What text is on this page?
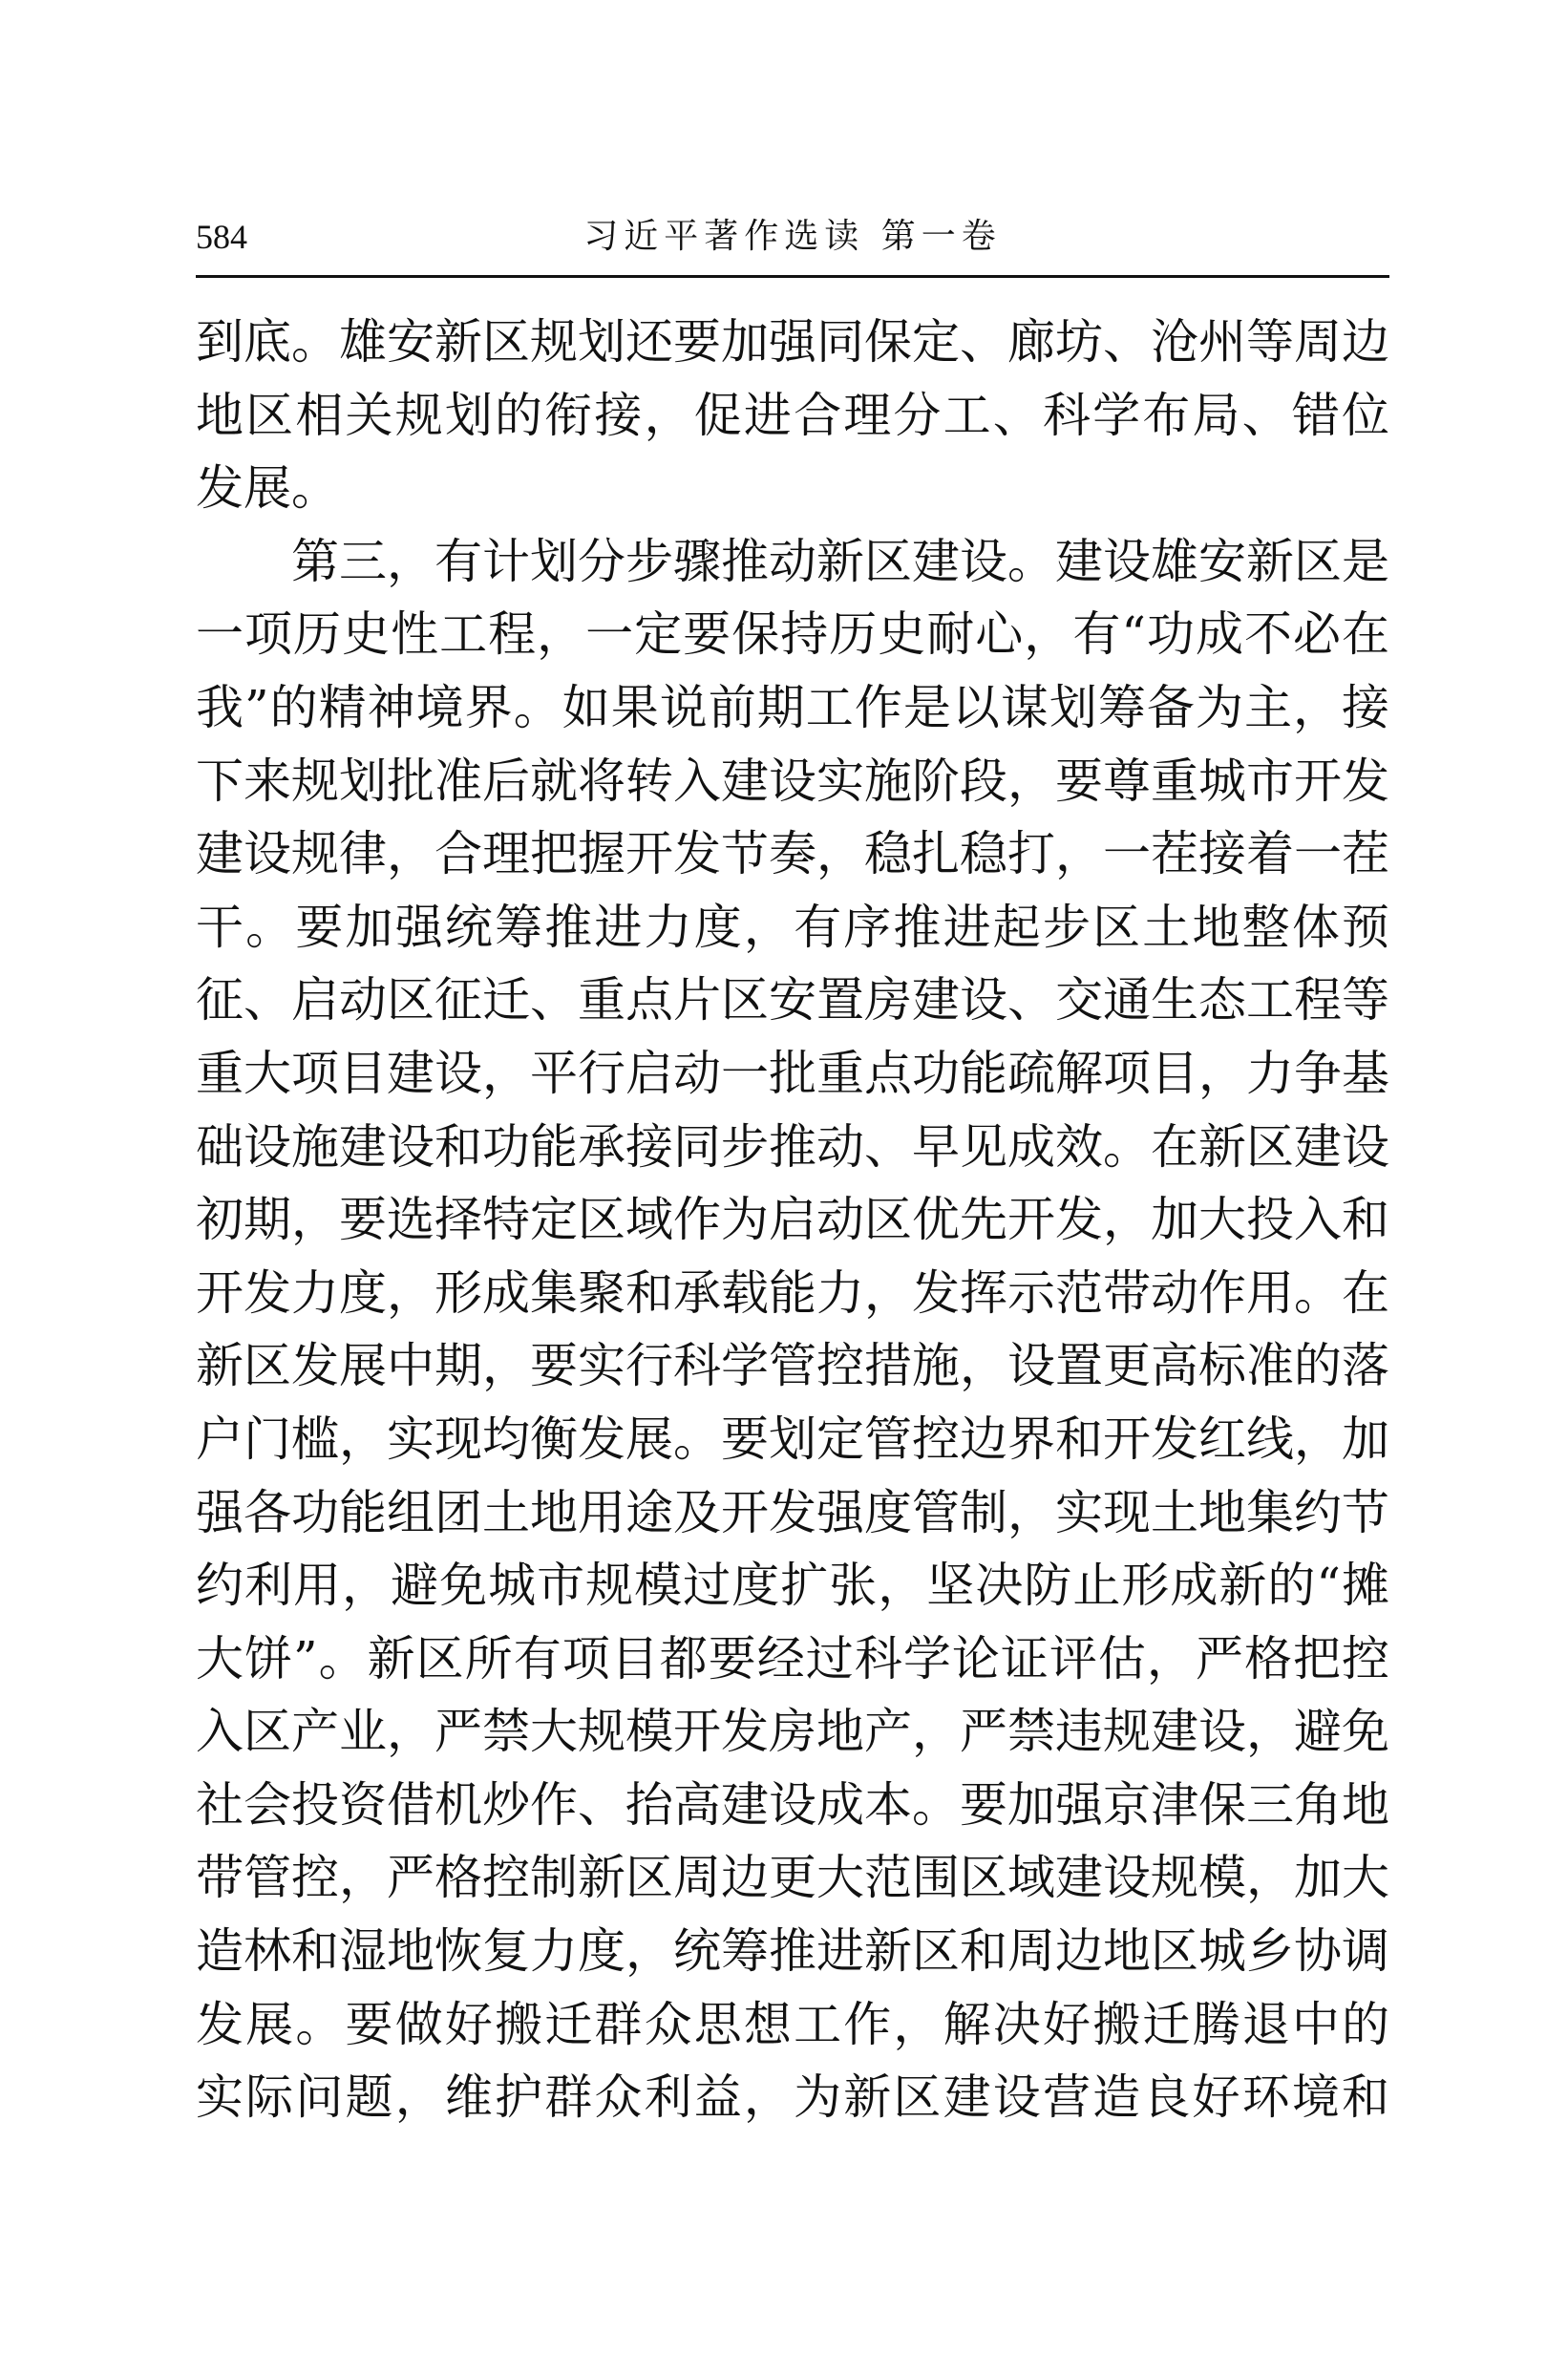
584	习近平著作选读 第一卷
到底。雄安新区规划还要加强同保定、廊坊、沧州等周边
地区相关规划的衔接，促进合理分工、科学布局、错位
发展。
第三，有计划分步骤推动新区建设。建设雄安新区是
一项历史性工程，一定要保持历史耐心，有“功成不必在
我”的精神境界。如果说前期工作是以谋划筹备为主，接
下来规划批准后就将转入建设实施阶段，要尊重城市开发
建设规律，合理把握开发节奏，稳扎稳打，一茬接着一茬
干。要加强统筹推进力度，有序推进起步区土地整体预
征、启动区征迁、重点片区安置房建设、交通生态工程等
重大项目建设，平行启动一批重点功能疏解项目，力争基
础设施建设和功能承接同步推动、早见成效。在新区建设
初期，要选择特定区域作为启动区优先开发，加大投入和
开发力度，形成集聚和承载能力，发挥示范带动作用。在
新区发展中期，要实行科学管控措施，设置更高标准的落
户门槛，实现均衡发展。要划定管控边界和开发红线，加
强各功能组团土地用途及开发强度管制，实现土地集约节
约利用，避免城市规模过度扩张，坚决防止形成新的“摊
大饼”。新区所有项目都要经过科学论证评估，严格把控
入区产业，严禁大规模开发房地产，严禁违规建设，避免
社会投资借机炒作、抬高建设成本。要加强京津保三角地
带管控，严格控制新区周边更大范围区域建设规模，加大
造林和湿地恢复力度，统筹推进新区和周边地区城乡协调
发展。要做好搬迁群众思想工作，解决好搬迁腾退中的
实际问题，维护群众利益，为新区建设营造良好环境和
